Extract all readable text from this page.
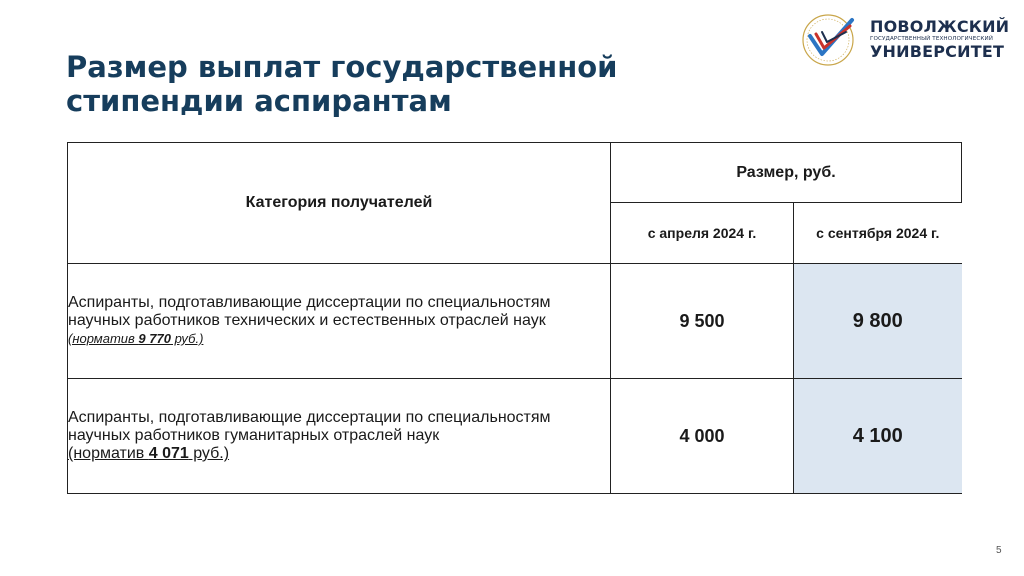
Размер выплат государственной
стипендии аспирантам
ПОВОЛЖСКИЙ
ГОСУДАРСТВЕННЫЙ ТЕХНОЛОГИЧЕСКИЙ
УНИВЕРСИТЕТ
Категория получателей	Размер, руб.	
	с апреля 2024 г.	с сентября 2024 г.

Аспиранты, подготавливающие диссертации по специальностям научных работников технических и естественных отраслей наук
(норматив 9 770 руб.)	9 500	9 800

Аспиранты, подготавливающие диссертации по специальностям научных работников гуманитарных отраслей наук
(норматив 4 071 руб.)	4 000	4 100
5
